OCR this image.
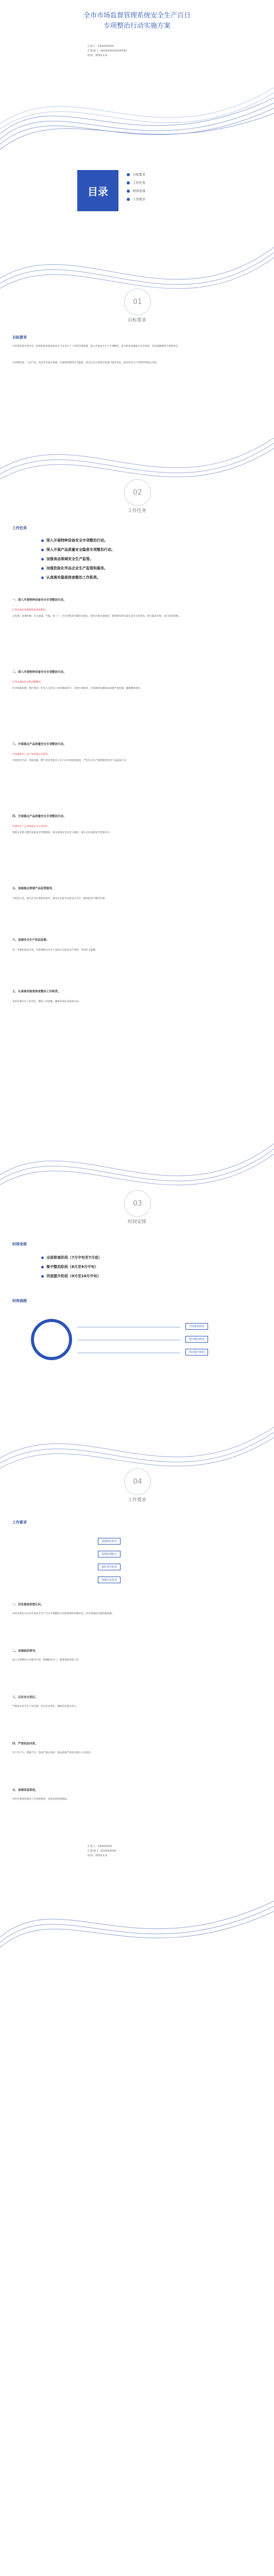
全市市场监督管理系统安全生产百日
专项整治行动实施方案
汇报人：XXXXXXXXX
汇报部门：XXXXXXXXXXXXXXX
时间：20XX.X.X
目录
目标要求
工作任务
时间安排
工作要求
01
目标要求
目标要求
认真贯彻落实党中央、国务院和省委省政府关于安全生产工作的决策部署，深入开展安全生产专项整治，着力防范化解重大安全风险，坚决遏制重特大事故发生。
以特种设备、工业产品、食品等为重点领域，全面排查整治安全隐患，落实企业主体责任和部门监管责任，推动安全生产形势持续稳定向好。
02
工作任务
工作任务
深入开展特种设备安全专项整治行动。
深入开展产品质量安全隐患专项整治行动。
加强食品领域安全生产监管。
加强危险化学品企业生产监管和服务。
认真落实隐患排查整治工作职责。
一、深入开展特种设备安全专项整治行动。
1.突出重点领域抓隐患排查整治。
以电梯、起重机械、压力容器、气瓶、场（厂）内专用机动车辆等为重点，组织开展全面排查，督促使用单位落实安全主体责任，建立隐患台账，实行闭环管理。
二、深入开展特种设备安全专项整治行动。
2.突出薄弱环节抓问题整改。
针对检验检测、维护保养、作业人员持证上岗等薄弱环节，开展专项检查，对发现的问题依法依规严肃处理，确保整改到位。
三、开展重点产品质量安全专项整治行动。
3.加强重点工业产品质量安全监管。
对危险化学品、电线电缆、燃气用具等重点工业产品开展监督抽查，严厉打击生产销售假冒伪劣产品违法行为。
四、开展重点产品质量安全专项整治行动。
4.强化生产企业质量安全主体责任。
督促企业建立健全质量安全管理制度，落实质量安全负责人制度，提升企业质量安全管理水平。
五、加强重点领域产品监管服务。
对重点行业、重点企业开展帮扶指导，推动企业提升本质安全水平，做到监管与服务并重。
六、加强安全生产执法监督。
进一步强化执法力度，对发现的安全生产违法行为依法从严查处，形成有力震慑。
七、认真落实隐患排查整治工作职责。
各单位要压实工作责任，细化工作措施，确保各项任务落到实处。
03
时间安排
时间安排
全面排查阶段（7月中旬至7月底）
集中整治阶段（8月至9月中旬）
巩固提升阶段（9月至10月中旬）
时间流程
全面排查阶段
集中整治阶段
巩固提升阶段
04
工作要求
工作要求
加强组织领导
加强协调配合
强化督导检查
加强信息报送
一、切实提高思想认识。
各单位要充分认识开展安全生产百日专项整治行动的重要性和紧迫性，切实增强责任感和使命感。
二、加强组织领导。
成立专项整治行动领导小组，明确职责分工，统筹推进各项工作。
三、压实安全责任。
严格落实安全生产责任制，层层压实责任，确保责任落实到人。
四、严肃执法问责。
对工作不力、措施不实、造成严重后果的，依法依规严肃追究相关人员责任。
五、加强信息报送。
各单位要按时报送工作进展情况，及时总结经验做法。
汇报人：XXXXXXXX
汇报部门：XXXXXXXXX
时间：20XX.X.X
